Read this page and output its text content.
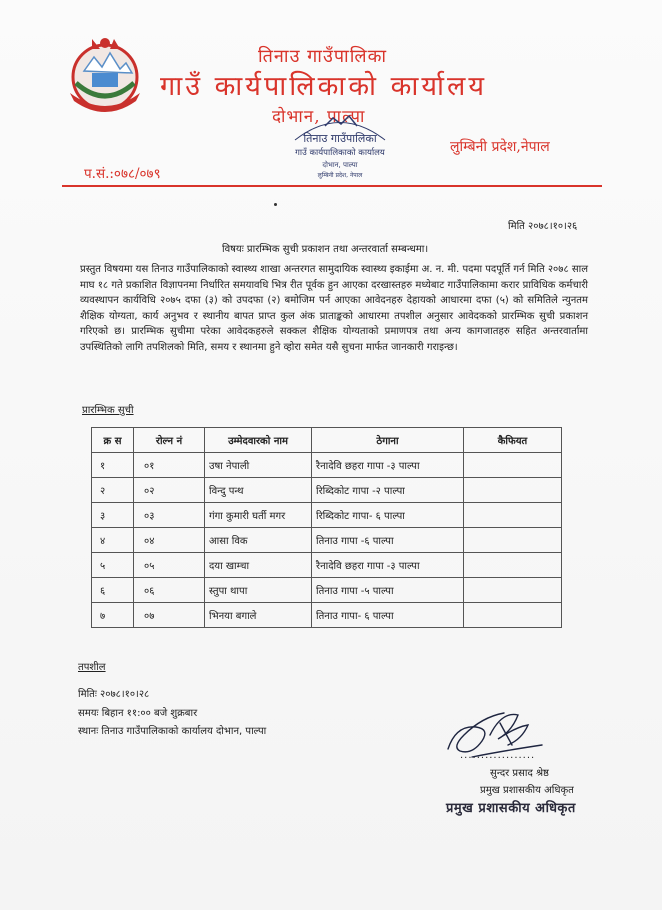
तिनाउ गाउँपालिका
गाउँ कार्यपालिकाको कार्यालय
दोभान, पाल्पा
लुम्बिनी प्रदेश,नेपाल
प.सं.:०७८/०७९
तिनाउ गाउँपालिका
गाउँ कार्यपालिकाको कार्यालय
दोभान, पाल्पा
लुम्बिनी प्रदेश, नेपाल
मिति २०७८।१०।२६
विषयः प्रारम्भिक सुची प्रकाशन तथा अन्तरवार्ता सम्बन्धमा।
प्रस्तुत विषयमा यस तिनाउ गाउँपालिकाको स्वास्थ्य शाखा अन्तरगत सामुदायिक स्वास्थ्य इकाईमा अ. न. मी. पदमा पदपूर्ति गर्न मिति २०७८ साल माघ १८ गते प्रकाशित विज्ञापनमा निर्धारित समयावधि भित्र रीत पूर्वक हुन आएका दरखास्तहरु मध्येबाट गाउँपालिकामा करार प्राविधिक कर्मचारी व्यवस्थापन कार्यविधि २०७५ दफा (३) को उपदफा (२) बमोजिम पर्न आएका आवेदनहरु देहायको आधारमा दफा (५) को समितिले न्युनतम शैक्षिक योग्यता, कार्य अनुभव र स्थानीय बापत प्राप्त कुल अंक प्राताङ्कको आधारमा तपशील अनुसार आवेदकको प्रारम्भिक सुची प्रकाशन गरिएको छ। प्रारम्भिक सुचीमा परेका आवेदकहरुले सक्कल शैक्षिक योग्यताको प्रमाणपत्र तथा अन्य कागजातहरु सहित अन्तरवार्तामा उपस्थितिको लागि तपशिलको मिति, समय र स्थानमा हुने व्होरा समेत यसै सुचना मार्फत जानकारी गराइन्छ।
प्रारम्भिक सुची
क्र स	रोल्न नं	उम्मेदवारको नाम	ठेगाना	कैफियत
१	०१	उषा नेपाली	रैनादेवि छहरा गापा -३ पाल्पा	
२	०२	विन्दु पन्थ	रिब्दिकोट गापा -२ पाल्पा	
३	०३	गंगा कुमारी घर्ती मगर	रिब्दिकोट गापा- ६ पाल्पा	
४	०४	आसा विक	तिनाउ गापा -६ पाल्पा	
५	०५	दया खाम्चा	रैनादेवि छहरा गापा -३ पाल्पा	
६	०६	स्तुपा थापा	तिनाउ गापा -५ पाल्पा	
७	०७	भिनया बगाले	तिनाउ गापा- ६ पाल्पा	
तपशील
मितिः २०७८।१०।२८
समयः बिहान ११:०० बजे शुक्रबार
स्थानः तिनाउ गाउँपालिकाको कार्यालय दोभान, पाल्पा
..................
सुन्दर प्रसाद श्रेष्ठ
प्रमुख प्रशासकीय अधिकृत
प्रमुख प्रशासकीय अधिकृत
